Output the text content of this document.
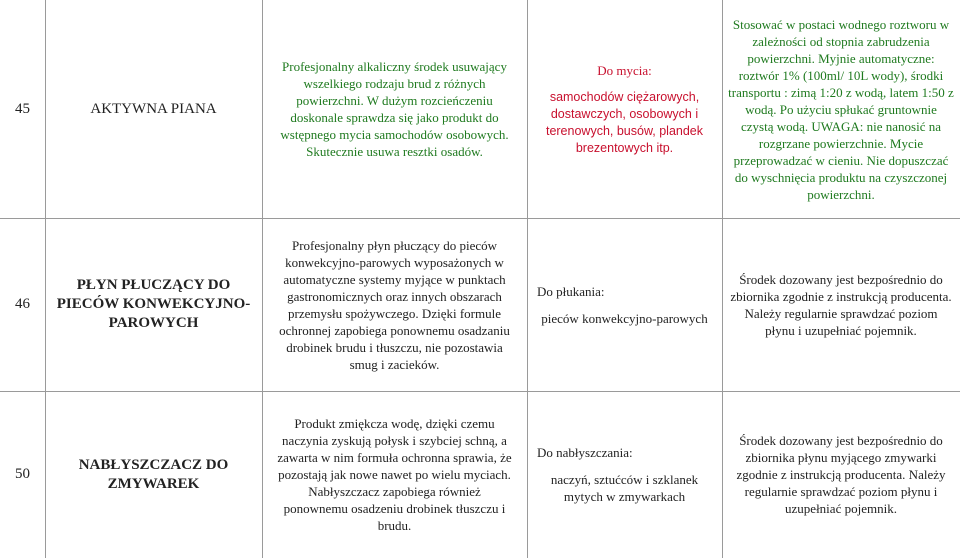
45	AKTYWNA PIANA
Profesjonalny alkaliczny środek usuwający wszelkiego rodzaju brud z różnych powierzchni. W dużym rozcieńczeniu doskonale sprawdza się jako produkt do wstępnego mycia samochodów osobowych. Skutecznie usuwa resztki osadów.
Do mycia:
samochodów ciężarowych, dostawczych, osobowych i terenowych, busów, plandek brezentowych itp.
Stosować w postaci wodnego roztworu w zależności od stopnia zabrudzenia powierzchni. Myjnie automatyczne: roztwór 1% (100ml/ 10L wody), środki transportu : zimą 1:20 z wodą, latem 1:50 z wodą. Po użyciu spłukać gruntownie czystą wodą. UWAGA: nie nanosić na rozgrzane powierzchnie. Mycie przeprowadzać w cieniu. Nie dopuszczać do wyschnięcia produktu na czyszczonej powierzchni.
46
PŁYN PŁUCZĄCY DO PIECÓW KONWEKCYJNO-PAROWYCH
Profesjonalny płyn płuczący do pieców konwekcyjno-parowych wyposażonych w automatyczne systemy myjące w punktach gastronomicznych oraz innych obszarach przemysłu spożywczego. Dzięki formule ochronnej zapobiega ponownemu osadzaniu drobinek brudu i tłuszczu, nie pozostawia smug i zacieków.
Do płukania:
pieców konwekcyjno-parowych
Środek dozowany jest bezpośrednio do zbiornika zgodnie z instrukcją producenta. Należy regularnie sprawdzać poziom płynu i uzupełniać pojemnik.
50
NABŁYSZCZACZ DO ZMYWAREK
Produkt zmiękcza wodę, dzięki czemu naczynia zyskują połysk i szybciej schną, a zawarta w nim formuła ochronna sprawia, że pozostają jak nowe nawet po wielu myciach. Nabłyszczacz zapobiega również ponownemu osadzeniu drobinek tłuszczu i brudu.
Do nabłyszczania:
naczyń, sztućców i szklanek mytych w zmywarkach
Środek dozowany jest bezpośrednio do zbiornika płynu myjącego zmywarki zgodnie z instrukcją producenta. Należy regularnie sprawdzać poziom płynu i uzupełniać pojemnik.
